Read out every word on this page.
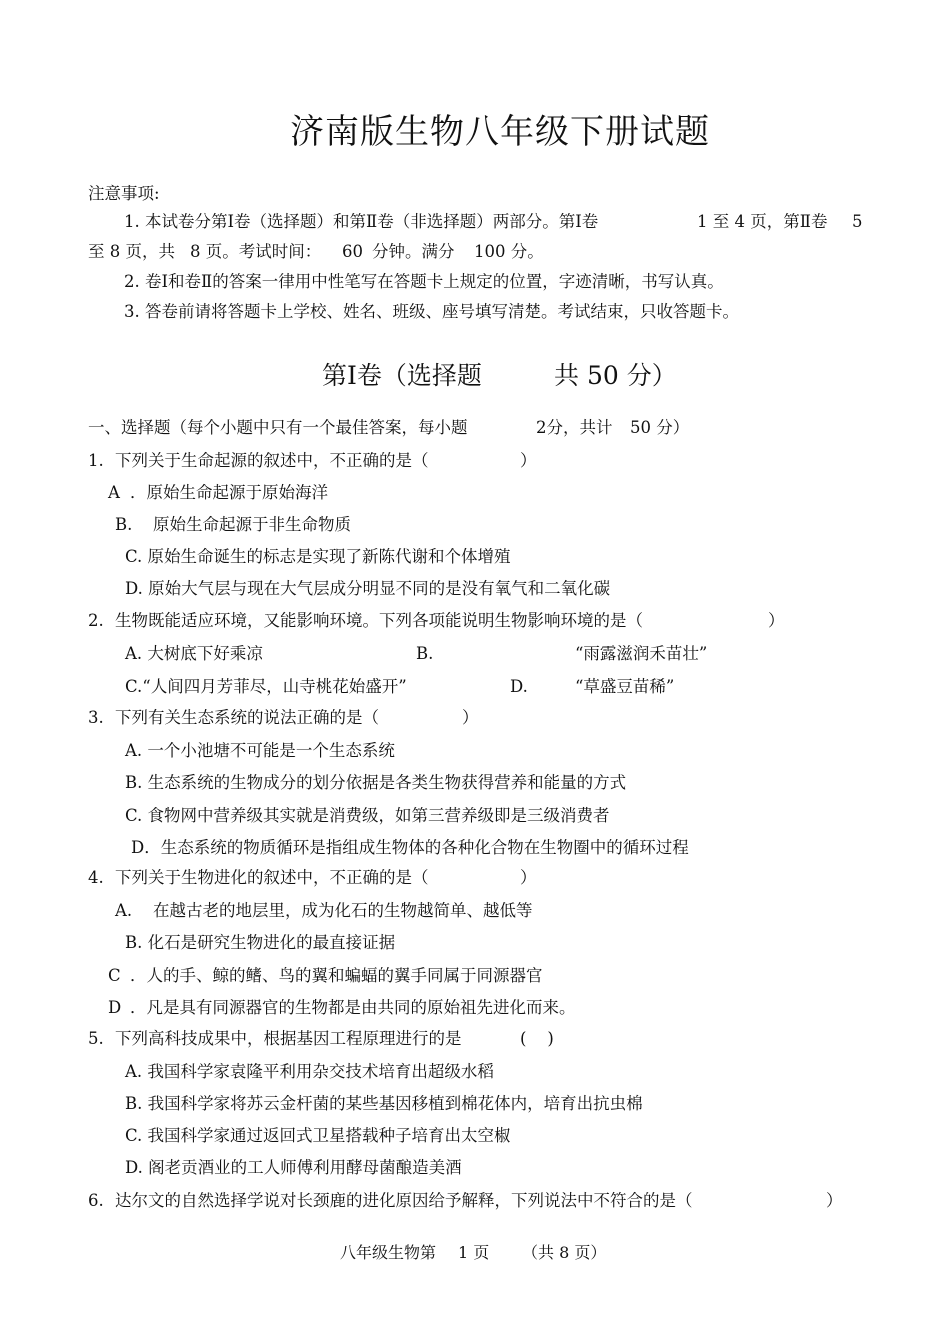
济南版生物八年级下册试题
注意事项:
1. 本试卷分第Ⅰ卷（选择题）和第Ⅱ卷（非选择题）两部分。第Ⅰ卷	1 至 4 页，第Ⅱ卷 5
至 8 页，共 8 页。考试时间： 60 分钟。满分 100 分。
2. 卷Ⅰ和卷Ⅱ的答案一律用中性笔写在答题卡上规定的位置，字迹清晰，书写认真。
3. 答卷前请将答题卡上学校、姓名、班级、座号填写清楚。考试结束，只收答题卡。
第Ⅰ卷（选择题	共 50 分）
一、选择题（每个小题中只有一个最佳答案，每小题	2分，共计 50 分）
1. 下列关于生命起源的叙述中，不正确的是（	）
A ．原始生命起源于原始海洋
B. 原始生命起源于非生命物质
C. 原始生命诞生的标志是实现了新陈代谢和个体增殖
D. 原始大气层与现在大气层成分明显不同的是没有氧气和二氧化碳
2. 生物既能适应环境，又能影响环境。下列各项能说明生物影响环境的是（	）
A. 大树底下好乘凉	B.	“雨露滋润禾苗壮”
C.“人间四月芳菲尽，山寺桃花始盛开”	D.	“草盛豆苗稀”
3. 下列有关生态系统的说法正确的是（	）
A. 一个小池塘不可能是一个生态系统
B. 生态系统的生物成分的划分依据是各类生物获得营养和能量的方式
C. 食物网中营养级其实就是消费级，如第三营养级即是三级消费者
D．生态系统的物质循环是指组成生物体的各种化合物在生物圈中的循环过程
4. 下列关于生物进化的叙述中，不正确的是（	）
A. 在越古老的地层里，成为化石的生物越简单、越低等
B. 化石是研究生物进化的最直接证据
C ．人的手、鲸的鳍、鸟的翼和蝙蝠的翼手同属于同源器官
D ．凡是具有同源器官的生物都是由共同的原始祖先进化而来。
5. 下列高科技成果中，根据基因工程原理进行的是	(    )
A. 我国科学家袁隆平利用杂交技术培育出超级水稻
B. 我国科学家将苏云金杆菌的某些基因移植到棉花体内，培育出抗虫棉
C. 我国科学家通过返回式卫星搭载种子培育出太空椒
D. 阁老贡酒业的工人师傅利用酵母菌酿造美酒
6. 达尔文的自然选择学说对长颈鹿的进化原因给予解释，下列说法中不符合的是（	）
八年级生物第 1 页 （共 8 页）
